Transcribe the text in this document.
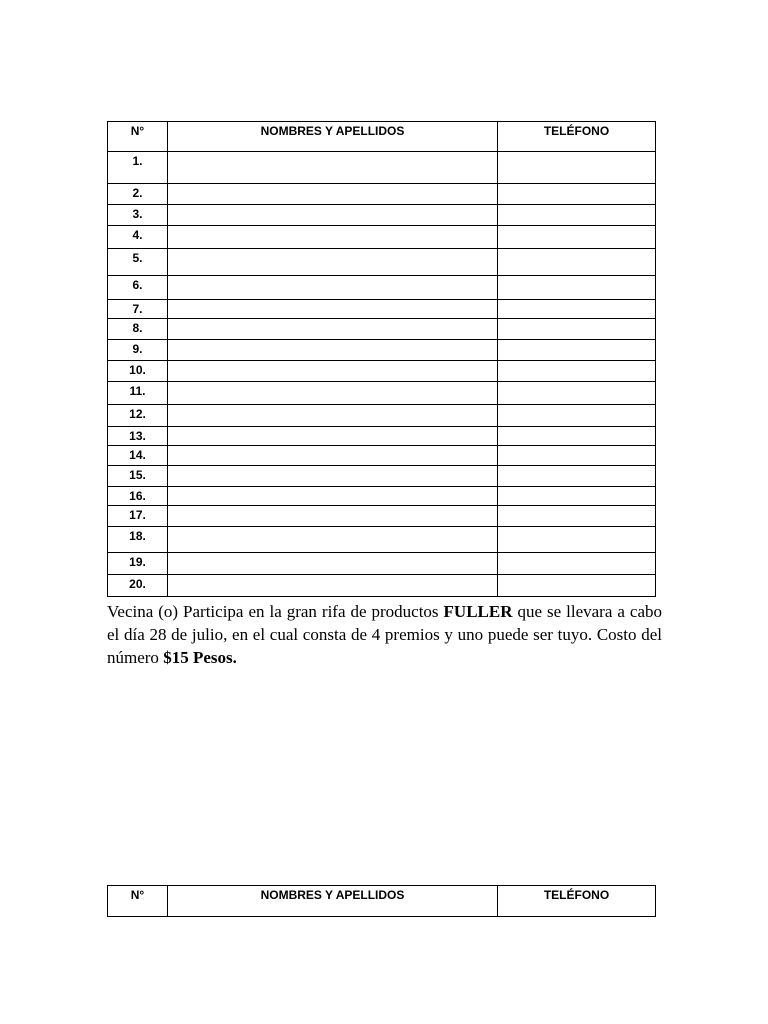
N°	NOMBRES Y APELLIDOS	TELÉFONO
1.		
2.		
3.		
4.		
5.		
6.		
7.		
8.		
9.		
10.		
11.		
12.		
13.		
14.		
15.		
16.		
17.		
18.		
19.		
20.		

Vecina (o) Participa en la gran rifa de productos FULLER que se llevara a cabo el día 28 de julio, en el cual consta de 4 premios y uno puede ser tuyo. Costo del número $15 Pesos.

N°	NOMBRES Y APELLIDOS	TELÉFONO
